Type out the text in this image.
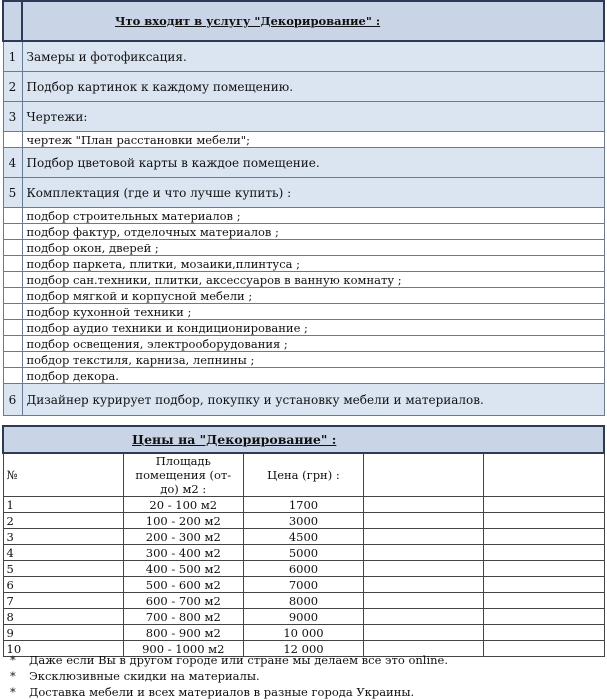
	Что входит в услугу "Декорирование" :
1	Замеры и фотофиксация.
2	Подбор картинок к каждому помещению.
3	Чертежи:
	чертеж "План расстановки мебели";
4	Подбор цветовой карты в каждое помещение.
5	Комплектация (где и что лучше купить) :
	подбор строительных материалов ;
	подбор фактур, отделочных материалов ;
	подбор окон, дверей ;
	подбор паркета, плитки, мозаики,плинтуса ;
	подбор сан.техники, плитки, аксессуаров в ванную комнату ;
	подбор мягкой и корпусной мебели ;
	подбор кухонной техники ;
	подбор аудио техники и кондиционирование ;
	подбор освещения, электрооборудования ;
	побдор текстиля, карниза, лепнины ;
	подбор декора.
6	Дизайнер курирует подбор, покупку и установку мебели и материалов.
Цены на "Декорирование" :				
№	Площадь помещения (от-до) м2 :	Цена (грн) :		
1	20 - 100 м2	1700		
2	100 - 200 м2	3000		
3	200 - 300 м2	4500		
4	300 - 400 м2	5000		
5	400 - 500 м2	6000		
6	500 - 600 м2	7000		
7	600 - 700 м2	8000		
8	700 - 800 м2	9000		
9	800 - 900 м2	10 000		
10	900 - 1000 м2	12 000		
*	Даже если Вы в другом городе или стране мы делаем все это online.
*	Эксклюзивные скидки на материалы.
*	Доставка мебели и всех материалов в разные города Украины.
